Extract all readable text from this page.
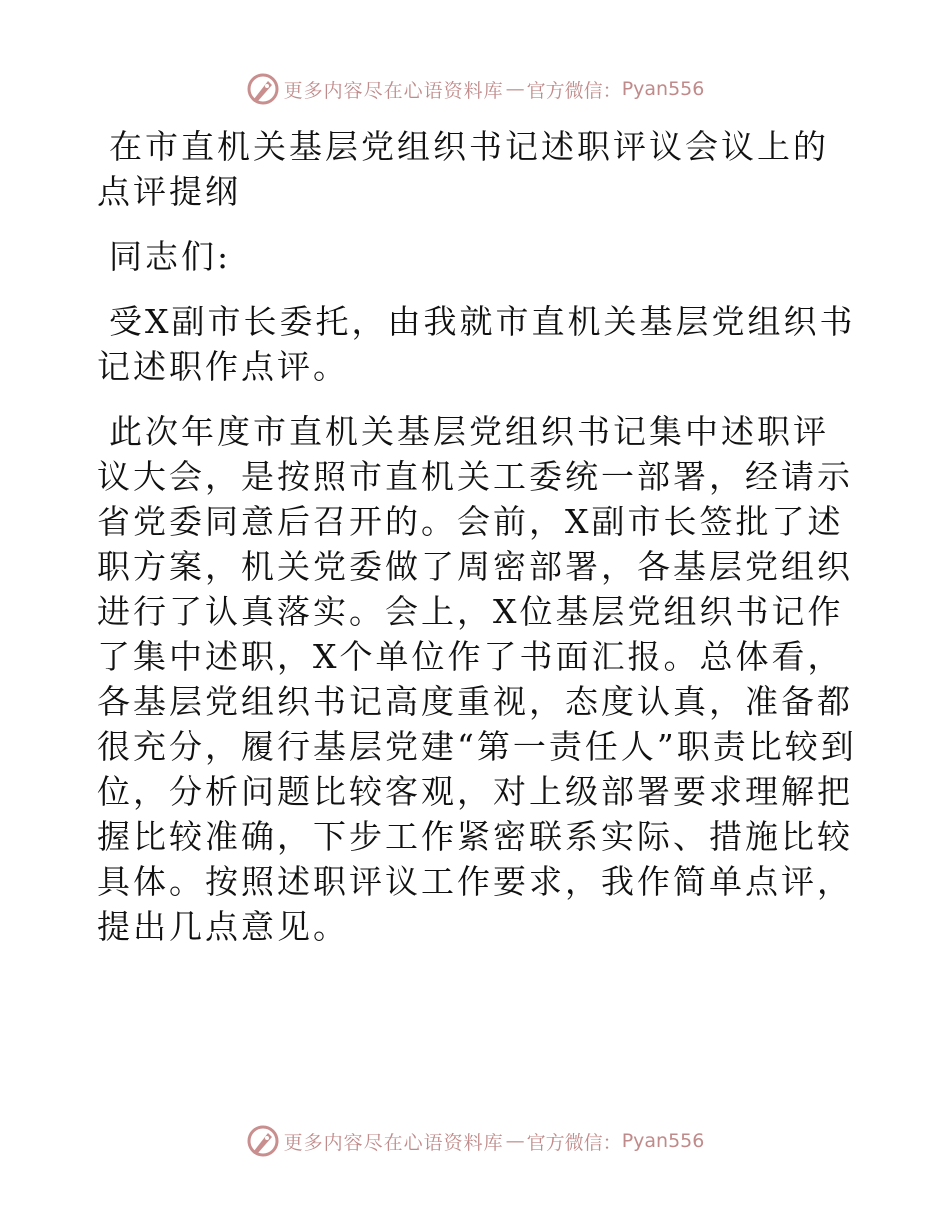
更多内容尽在心语资料库 — 官方微信： Pyan556

在市直机关基层党组织书记述职评议会议上的点评提纲

同志们:

受X副市长委托，由我就市直机关基层党组织书记述职作点评。

此次年度市直机关基层党组织书记集中述职评议大会，是按照市直机关工委统一部署，经请示省党委同意后召开的。会前，X副市长签批了述职方案，机关党委做了周密部署，各基层党组织进行了认真落实。会上，X位基层党组织书记作了集中述职，X个单位作了书面汇报。总体看，各基层党组织书记高度重视，态度认真，准备都很充分，履行基层党建“第一责任人”职责比较到位，分析问题比较客观，对上级部署要求理解把握比较准确，下步工作紧密联系实际、措施比较具体。按照述职评议工作要求，我作简单点评，提出几点意见。

更多内容尽在心语资料库 — 官方微信： Pyan556
